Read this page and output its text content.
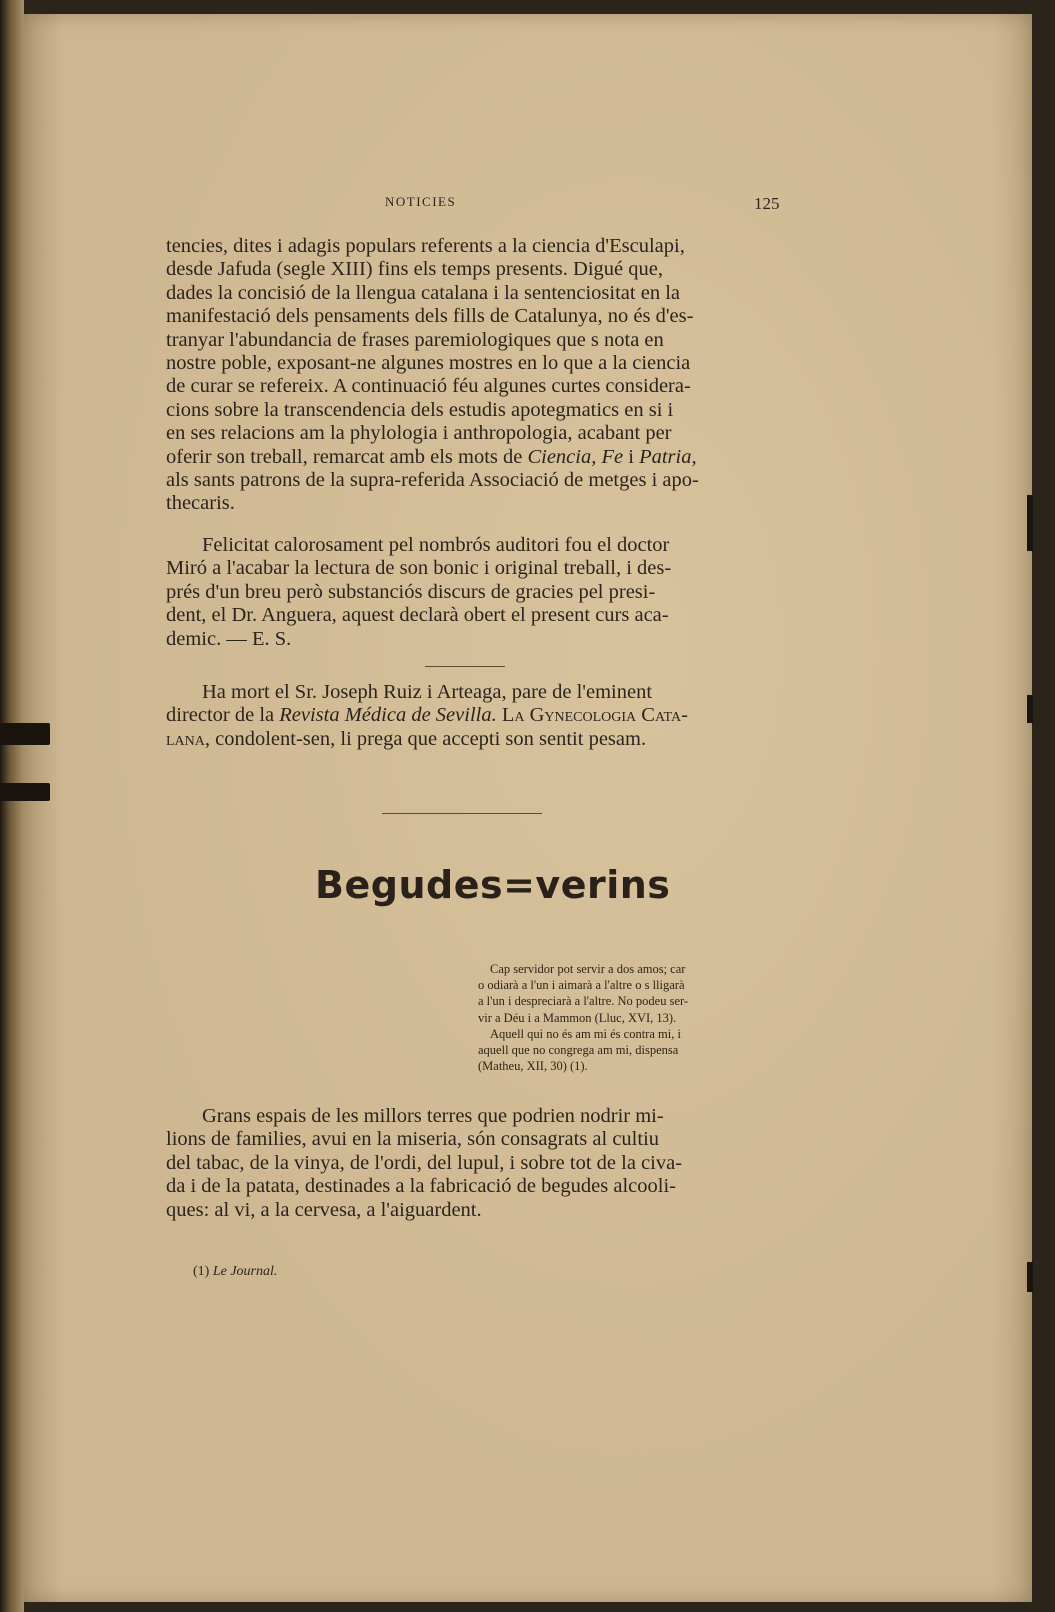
NOTICIES	125
tencies, dites i adagis populars referents a la ciencia d'Esculapi,
desde Jafuda (segle XIII) fins els temps presents. Digué que,
dades la concisió de la llengua catalana i la sentenciositat en la
manifestació dels pensaments dels fills de Catalunya, no és d'es-
tranyar l'abundancia de frases paremiologiques que s nota en
nostre poble, exposant-ne algunes mostres en lo que a la ciencia
de curar se refereix. A continuació féu algunes curtes considera-
cions sobre la transcendencia dels estudis apotegmatics en si i
en ses relacions am la phylologia i anthropologia, acabant per
oferir son treball, remarcat amb els mots de Ciencia, Fe i Patria,
als sants patrons de la supra-referida Associació de metges i apo-
thecaris.
Felicitat calorosament pel nombrós auditori fou el doctor
Miró a l'acabar la lectura de son bonic i original treball, i des-
prés d'un breu però substanciós discurs de gracies pel presi-
dent, el Dr. Anguera, aquest declarà obert el present curs aca-
demic. — E. S.
Ha mort el Sr. Joseph Ruiz i Arteaga, pare de l'eminent
director de la Revista Médica de Sevilla. La Gynecologia Cata-
lana, condolent-sen, li prega que accepti son sentit pesam.
Begudes=verins
Cap servidor pot servir a dos amos; car
o odiarà a l'un i aimarà a l'altre o s lligarà
a l'un i despreciarà a l'altre. No podeu ser-
vir a Déu i a Mammon (Lluc, XVI, 13).
Aquell qui no és am mi és contra mi, i
aquell que no congrega am mi, dispensa
(Matheu, XII, 30) (1).
Grans espais de les millors terres que podrien nodrir mi-
lions de families, avui en la miseria, són consagrats al cultiu
del tabac, de la vinya, de l'ordi, del lupul, i sobre tot de la civa-
da i de la patata, destinades a la fabricació de begudes alcooli-
ques: al vi, a la cervesa, a l'aiguardent.
(1) Le Journal.
